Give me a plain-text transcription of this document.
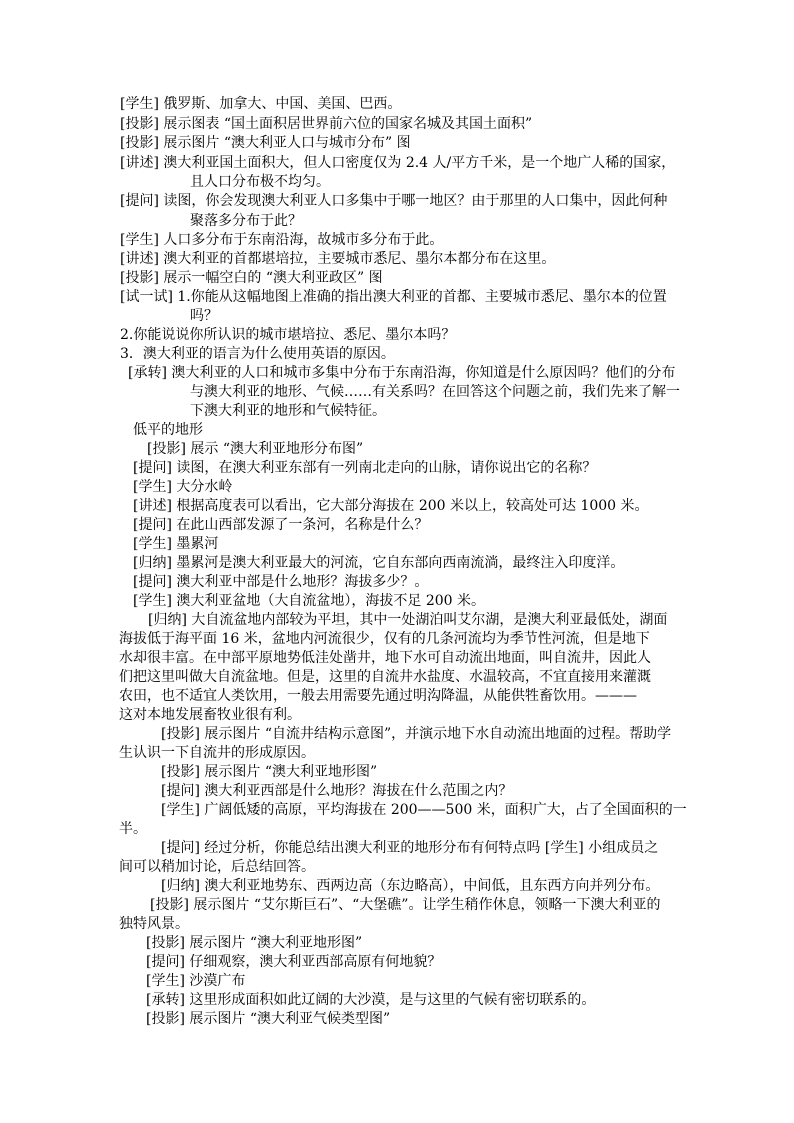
[学生] 俄罗斯、加拿大、中国、美国、巴西。
[投影] 展示图表 “国土面积居世界前六位的国家名城及其国土面积”
[投影] 展示图片 “澳大利亚人口与城市分布” 图
[讲述] 澳大利亚国土面积大，但人口密度仅为 2.4 人/平方千米，是一个地广人稀的国家，
且人口分布极不均匀。
[提问] 读图，你会发现澳大利亚人口多集中于哪一地区？由于那里的人口集中，因此何种
聚落多分布于此？
[学生] 人口多分布于东南沿海，故城市多分布于此。
[讲述] 澳大利亚的首都堪培拉，主要城市悉尼、墨尔本都分布在这里。
[投影] 展示一幅空白的 “澳大利亚政区” 图
[试一试] 1.你能从这幅地图上准确的指出澳大利亚的首都、主要城市悉尼、墨尔本的位置
吗？
2.你能说说你所认识的城市堪培拉、悉尼、墨尔本吗？
3．澳大利亚的语言为什么使用英语的原因。
[承转] 澳大利亚的人口和城市多集中分布于东南沿海，你知道是什么原因吗？他们的分布
与澳大利亚的地形、气候……有关系吗？在回答这个问题之前，我们先来了解一
下澳大利亚的地形和气候特征。
低平的地形
[投影] 展示 “澳大利亚地形分布图”
[提问] 读图，在澳大利亚东部有一列南北走向的山脉，请你说出它的名称？
[学生] 大分水岭
[讲述] 根据高度表可以看出，它大部分海拔在 200 米以上，较高处可达 1000 米。
[提问] 在此山西部发源了一条河，名称是什么？
[学生] 墨累河
[归纳] 墨累河是澳大利亚最大的河流，它自东部向西南流淌，最终注入印度洋。
[提问] 澳大利亚中部是什么地形？海拔多少？。
[学生] 澳大利亚盆地（大自流盆地），海拔不足 200 米。
[归纳] 大自流盆地内部较为平坦，其中一处湖泊叫艾尔湖，是澳大利亚最低处，湖面
海拔低于海平面 16 米，盆地内河流很少，仅有的几条河流均为季节性河流，但是地下
水却很丰富。在中部平原地势低洼处凿井，地下水可自动流出地面，叫自流井，因此人
们把这里叫做大自流盆地。但是，这里的自流井水盐度、水温较高，不宜直接用来灌溉
农田，也不适宜人类饮用，一般去用需要先通过明沟降温，从能供牲畜饮用。———
这对本地发展畜牧业很有利。
[投影] 展示图片 “自流井结构示意图”，并演示地下水自动流出地面的过程。帮助学
生认识一下自流井的形成原因。
[投影] 展示图片 “澳大利亚地形图”
[提问] 澳大利亚西部是什么地形？海拔在什么范围之内？
[学生] 广阔低矮的高原，平均海拔在 200——500 米，面积广大，占了全国面积的一
半。
[提问] 经过分析，你能总结出澳大利亚的地形分布有何特点吗 [学生] 小组成员之
间可以稍加讨论，后总结回答。
[归纳] 澳大利亚地势东、西两边高（东边略高），中间低，且东西方向并列分布。
[投影] 展示图片 “艾尔斯巨石”、“大堡礁”。让学生稍作休息，领略一下澳大利亚的
独特风景。
[投影] 展示图片 “澳大利亚地形图”
[提问] 仔细观察，澳大利亚西部高原有何地貌？
[学生] 沙漠广布
[承转] 这里形成面积如此辽阔的大沙漠，是与这里的气候有密切联系的。
[投影] 展示图片 “澳大利亚气候类型图”
